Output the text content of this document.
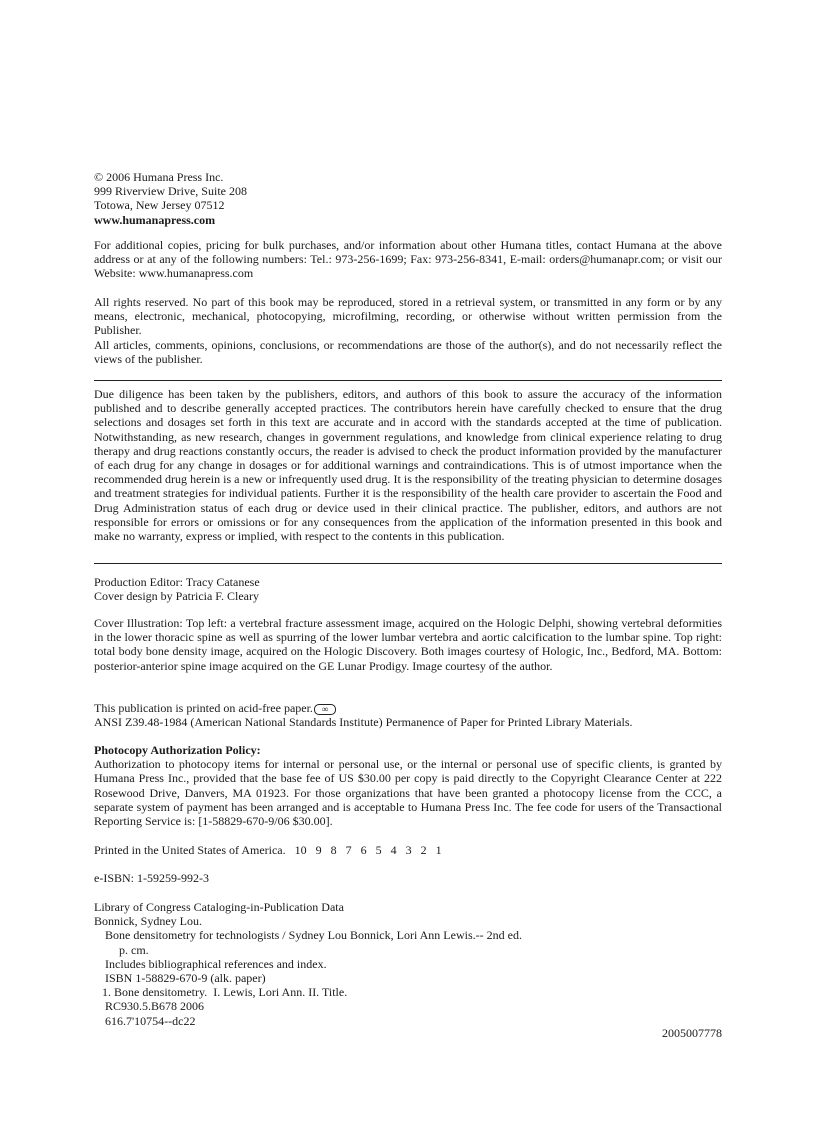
© 2006 Humana Press Inc.

999 Riverview Drive, Suite 208

Totowa, New Jersey 07512

www.humanapress.com

For additional copies, pricing for bulk purchases, and/or information about other Humana titles, contact Humana at the above address or at any of the following numbers: Tel.: 973-256-1699; Fax: 973-256-8341, E-mail: orders@humanapr.com; or visit our Website: www.humanapress.com

All rights reserved. No part of this book may be reproduced, stored in a retrieval system, or transmitted in any form or by any means, electronic, mechanical, photocopying, microfilming, recording, or otherwise without written permission from the Publisher.

All articles, comments, opinions, conclusions, or recommendations are those of the author(s), and do not necessarily reflect the views of the publisher.

Due diligence has been taken by the publishers, editors, and authors of this book to assure the accuracy of the information published and to describe generally accepted practices. The contributors herein have carefully checked to ensure that the drug selections and dosages set forth in this text are accurate and in accord with the standards accepted at the time of publication. Notwithstanding, as new research, changes in government regulations, and knowledge from clinical experience relating to drug therapy and drug reactions constantly occurs, the reader is advised to check the product information provided by the manufacturer of each drug for any change in dosages or for additional warnings and contraindications. This is of utmost importance when the recommended drug herein is a new or infrequently used drug. It is the responsibility of the treating physician to determine dosages and treatment strategies for individual patients. Further it is the responsibility of the health care provider to ascertain the Food and Drug Administration status of each drug or device used in their clinical practice. The publisher, editors, and authors are not responsible for errors or omissions or for any consequences from the application of the information presented in this book and make no warranty, express or implied, with respect to the contents in this publication.

Production Editor: Tracy Catanese

Cover design by Patricia F. Cleary

Cover Illustration: Top left: a vertebral fracture assessment image, acquired on the Hologic Delphi, showing vertebral deformities in the lower thoracic spine as well as spurring of the lower lumbar vertebra and aortic calcification to the lumbar spine. Top right: total body bone density image, acquired on the Hologic Discovery. Both images courtesy of Hologic, Inc., Bedford, MA. Bottom: posterior-anterior spine image acquired on the GE Lunar Prodigy. Image courtesy of the author.

This publication is printed on acid-free paper. ∞

ANSI Z39.48-1984 (American National Standards Institute) Permanence of Paper for Printed Library Materials.

Photocopy Authorization Policy:

Authorization to photocopy items for internal or personal use, or the internal or personal use of specific clients, is granted by Humana Press Inc., provided that the base fee of US $30.00 per copy is paid directly to the Copyright Clearance Center at 222 Rosewood Drive, Danvers, MA 01923. For those organizations that have been granted a photocopy license from the CCC, a separate system of payment has been arranged and is acceptable to Humana Press Inc. The fee code for users of the Transactional Reporting Service is: [1-58829-670-9/06 $30.00].

Printed in the United States of America. 10   9   8   7   6   5   4   3   2   1

e-ISBN: 1-59259-992-3

Library of Congress Cataloging-in-Publication Data

Bonnick, Sydney Lou.

Bone densitometry for technologists / Sydney Lou Bonnick, Lori Ann Lewis.-- 2nd ed.

p. cm.

Includes bibliographical references and index.

ISBN 1-58829-670-9 (alk. paper)

1. Bone densitometry.  I. Lewis, Lori Ann. II. Title.

RC930.5.B678 2006

616.7'10754--dc22

2005007778
